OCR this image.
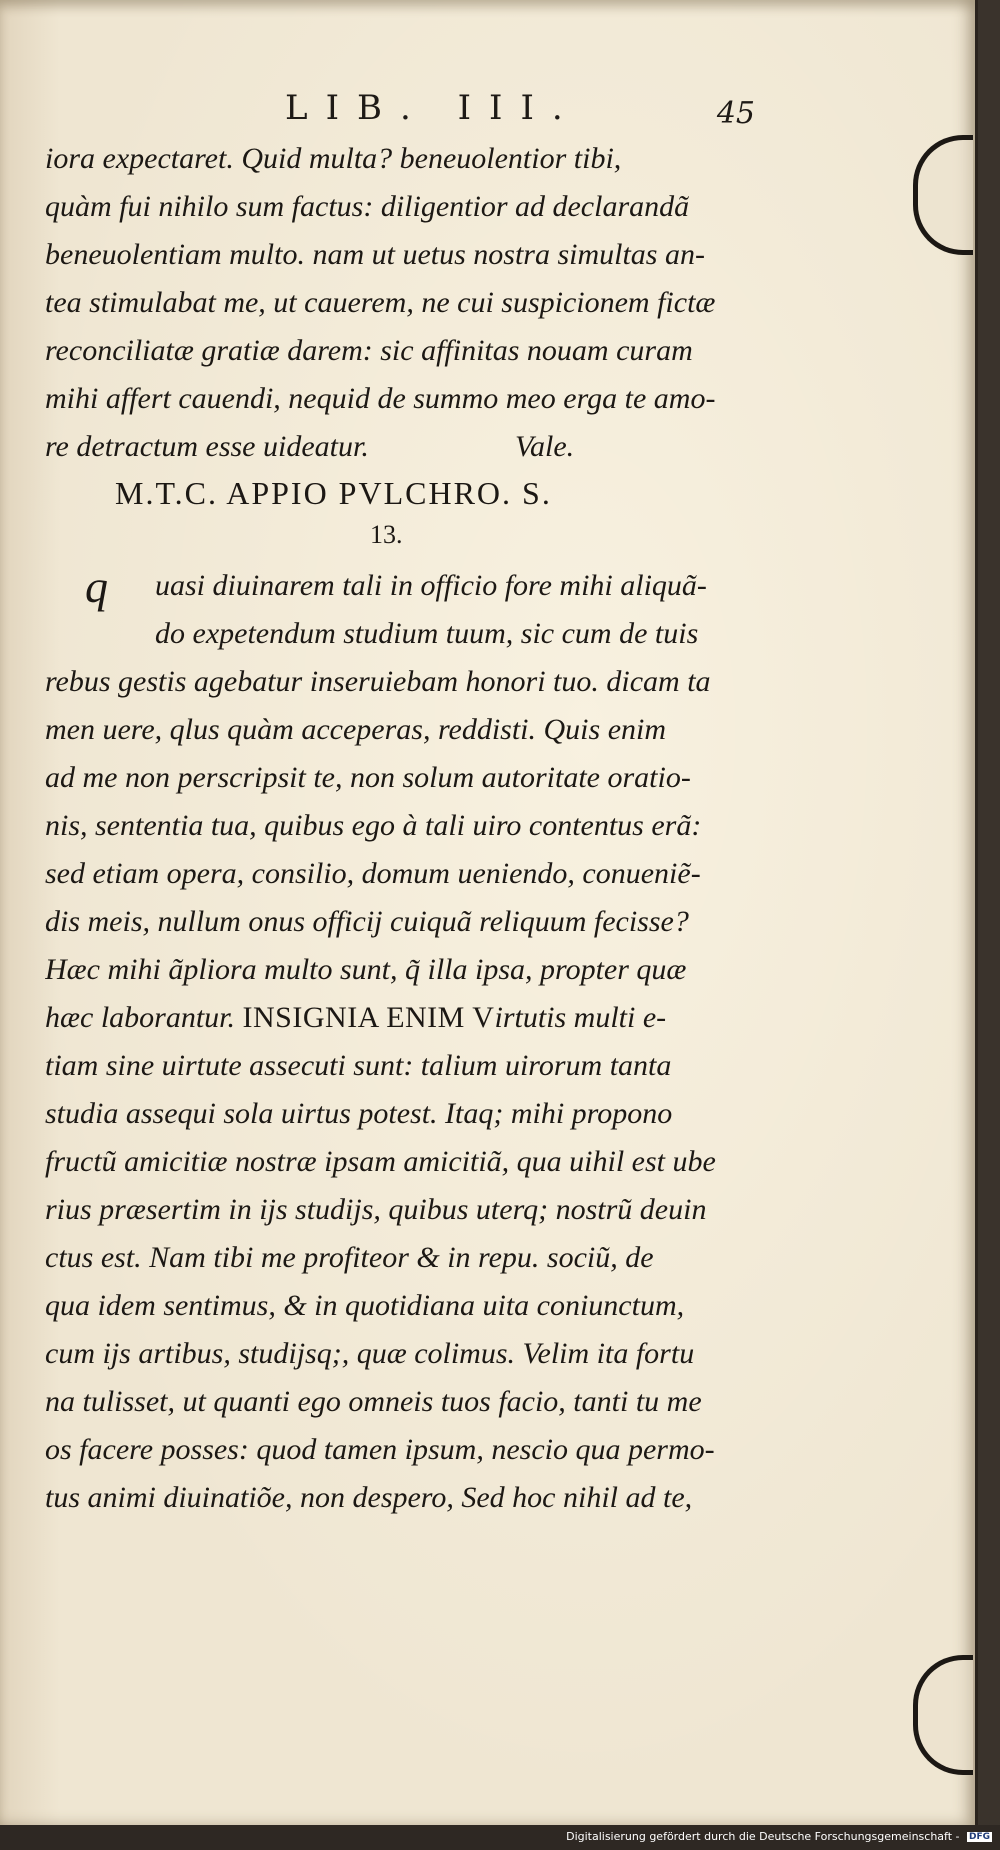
LIB. III.	45
iora expectaret. Quid multa? beneuolentior tibi,
quàm fui nihilo sum factus: diligentior ad declarandã
beneuolentiam multo. nam ut uetus nostra simultas an-
tea stimulabat me, ut cauerem, ne cui suspicionem fictæ
reconciliatæ gratiæ darem: sic affinitas nouam curam
mihi affert cauendi, nequid de summo meo erga te amo-
re detractum esse uideatur.	Vale.
M.T.C. APPIO PVLCHRO. S.
13.
q	uasi diuinarem tali in officio fore mihi aliquã-
do expetendum studium tuum, sic cum de tuis
rebus gestis agebatur inseruiebam honori tuo. dicam ta
men uere, qlus quàm acceperas, reddisti. Quis enim
ad me non perscripsit te, non solum autoritate oratio-
nis, sententia tua, quibus ego à tali uiro contentus erã:
sed etiam opera, consilio, domum ueniendo, conueniẽ-
dis meis, nullum onus officij cuiquã reliquum fecisse?
Hæc mihi ãpliora multo sunt, q̃ illa ipsa, propter quæ
hæc laborantur. INSIGNIA ENIM Virtutis multi e-
tiam sine uirtute assecuti sunt: talium uirorum tanta
studia assequi sola uirtus potest. Itaq; mihi propono
fructũ amicitiæ nostræ ipsam amicitiã, qua uihil est ube
rius præsertim in ijs studijs, quibus uterq; nostrũ deuin
ctus est. Nam tibi me profiteor & in repu. sociũ, de
qua idem sentimus, & in quotidiana uita coniunctum,
cum ijs artibus, studijsq;, quæ colimus. Velim ita fortu
na tulisset, ut quanti ego omneis tuos facio, tanti tu me
os facere posses: quod tamen ipsum, nescio qua permo-
tus animi diuinatiõe, non despero, Sed hoc nihil ad te,
Digitalisierung gefördert durch die Deutsche Forschungsgemeinschaft - DFG
